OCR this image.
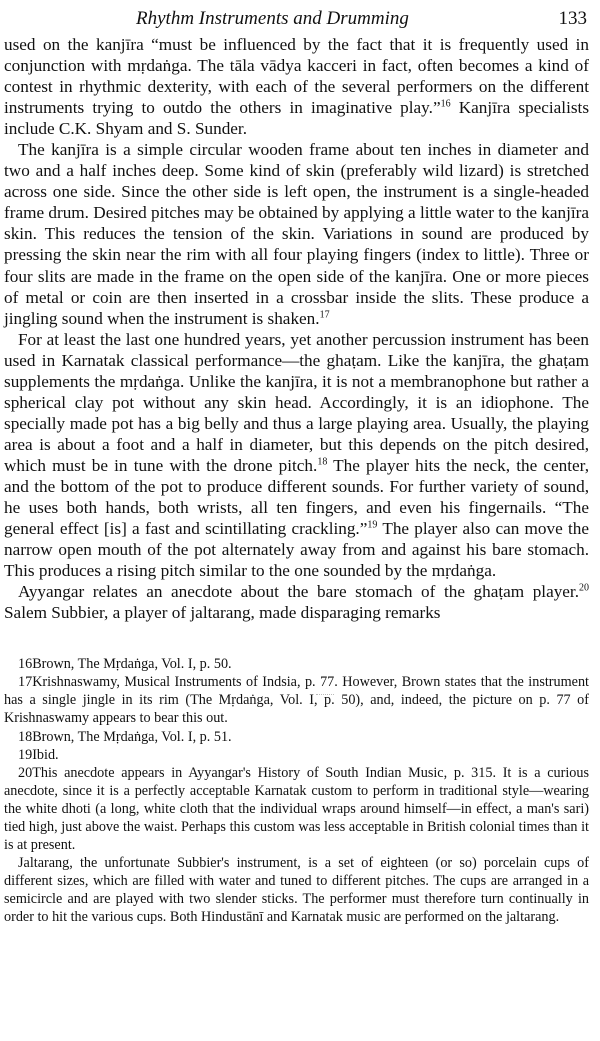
Rhythm Instruments and Drumming	133

used on the kanjīra “must be influenced by the fact that it is frequently used in conjunction with mṛdaṅga. The tāla vādya kacceri in fact, often becomes a kind of contest in rhythmic dexterity, with each of the several performers on the different instruments trying to outdo the others in imaginative play.”$^{16}$ Kanjīra specialists include C.K. Shyam and S. Sunder.

The kanjīra is a simple circular wooden frame about ten inches in diameter and two and a half inches deep. Some kind of skin (preferably wild lizard) is stretched across one side. Since the other side is left open, the instrument is a single-headed frame drum. Desired pitches may be obtained by applying a little water to the kanjīra skin. This reduces the tension of the skin. Variations in sound are produced by pressing the skin near the rim with all four playing fingers (index to little). Three or four slits are made in the frame on the open side of the kanjīra. One or more pieces of metal or coin are then inserted in a crossbar inside the slits. These produce a jingling sound when the instrument is shaken.$^{17}$

For at least the last one hundred years, yet another percussion instrument has been used in Karnatak classical performance—the ghaṭam. Like the kanjīra, the ghaṭam supplements the mṛdaṅga. Unlike the kanjīra, it is not a membranophone but rather a spherical clay pot without any skin head. Accordingly, it is an idiophone. The specially made pot has a big belly and thus a large playing area. Usually, the playing area is about a foot and a half in diameter, but this depends on the pitch desired, which must be in tune with the drone pitch.$^{18}$ The player hits the neck, the center, and the bottom of the pot to produce different sounds. For further variety of sound, he uses both hands, both wrists, all ten fingers, and even his fingernails. “The general effect [is] a fast and scintillating crackling.”$^{19}$ The player also can move the narrow open mouth of the pot alternately away from and against his bare stomach. This produces a rising pitch similar to the one sounded by the mṛdaṅga.

Ayyangar relates an anecdote about the bare stomach of the ghaṭam player.$^{20}$ Salem Subbier, a player of jaltarang, made disparaging remarks

16Brown, The Mṛdaṅga, Vol. I, p. 50.

17Krishnaswamy, Musical Instruments of Indsia, p. 77. However, Brown states that the instrument has a single jingle in its rim (The Mṛdaṅga, Vol. I, p. 50), and, indeed, the picture on p. 77 of Krishnaswamy appears to bear this out.

18Brown, The Mṛdaṅga, Vol. I, p. 51.

19Ibid.

20This anecdote appears in Ayyangar's History of South Indian Music, p. 315. It is a curious anecdote, since it is a perfectly acceptable Karnatak custom to perform in traditional style—wearing the white dhoti (a long, white cloth that the individual wraps around himself—in effect, a man's sari) tied high, just above the waist. Perhaps this custom was less acceptable in British colonial times than it is at present.

Jaltarang, the unfortunate Subbier's instrument, is a set of eighteen (or so) porcelain cups of different sizes, which are filled with water and tuned to different pitches. The cups are arranged in a semicircle and are played with two slender sticks. The performer must therefore turn continually in order to hit the various cups. Both Hindustānī and Karnatak music are performed on the jaltarang.
